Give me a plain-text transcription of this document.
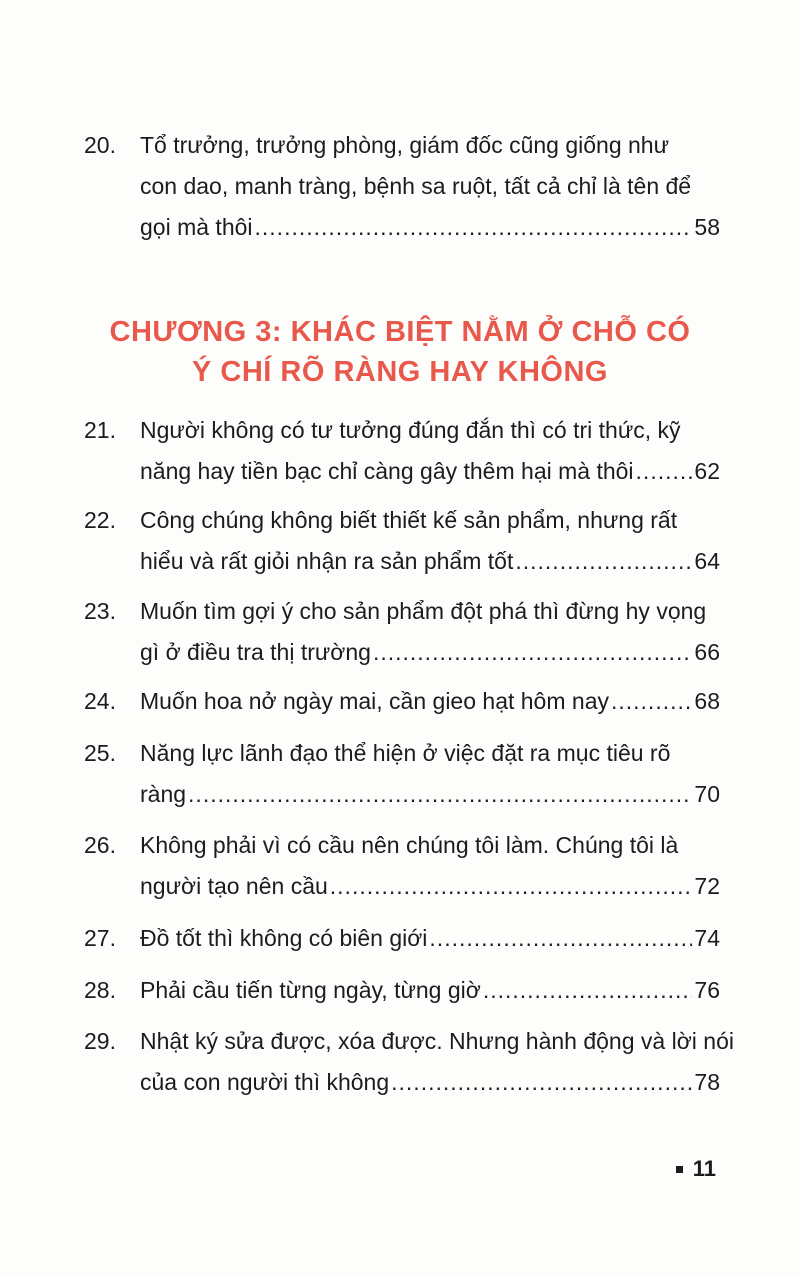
20.	Tổ trưởng, trưởng phòng, giám đốc cũng giống như
con dao, manh tràng, bệnh sa ruột, tất cả chỉ là tên để
gọi mà thôi .....	58
CHƯƠNG 3: KHÁC BIỆT NẰM Ở CHỖ CÓ
Ý CHÍ RÕ RÀNG HAY KHÔNG
21.	Người không có tư tưởng đúng đắn thì có tri thức, kỹ
năng hay tiền bạc chỉ càng gây thêm hại mà thôi .....	62
22.	Công chúng không biết thiết kế sản phẩm, nhưng rất
hiểu và rất giỏi nhận ra sản phẩm tốt .....	64
23.	Muốn tìm gợi ý cho sản phẩm đột phá thì đừng hy vọng
gì ở điều tra thị trường .....	66
24.	Muốn hoa nở ngày mai, cần gieo hạt hôm nay .....	68
25.	Năng lực lãnh đạo thể hiện ở việc đặt ra mục tiêu rõ
ràng .....	70
26.	Không phải vì có cầu nên chúng tôi làm. Chúng tôi là
người tạo nên cầu .....	72
27.	Đồ tốt thì không có biên giới .....	74
28.	Phải cầu tiến từng ngày, từng giờ .....	76
29.	Nhật ký sửa được, xóa được. Nhưng hành động và lời nói
của con người thì không .....	78
11
